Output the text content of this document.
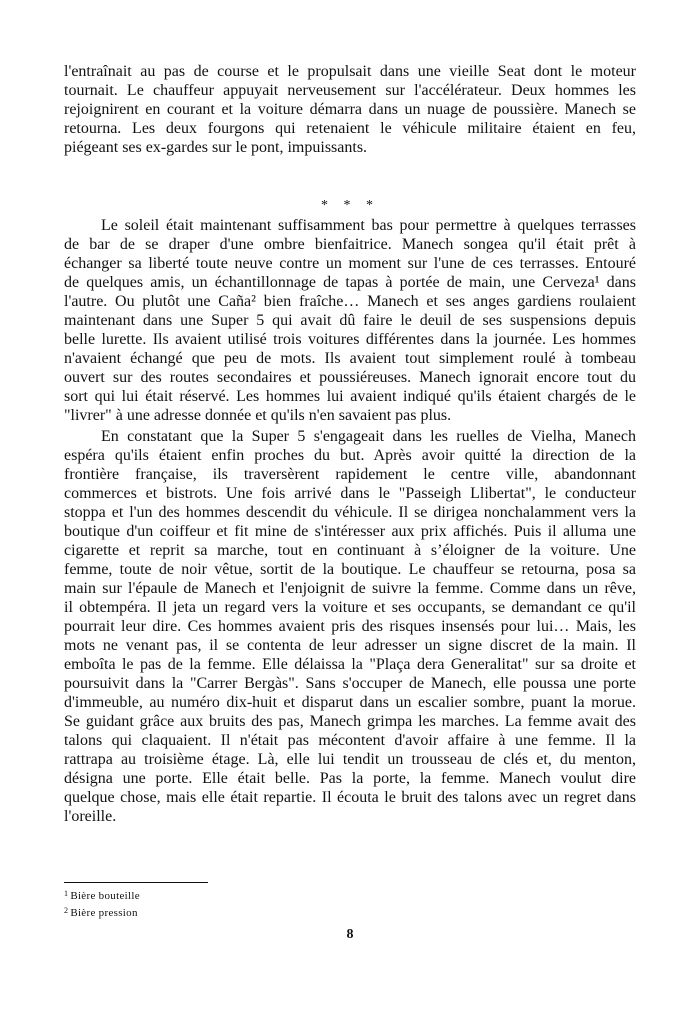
l'entraînait au pas de course et le propulsait dans une vieille Seat dont le moteur
tournait. Le chauffeur appuyait nerveusement sur l'accélérateur. Deux hommes les
rejoignirent en courant et la voiture démarra dans un nuage de poussière. Manech se
retourna. Les deux fourgons qui retenaient le véhicule militaire étaient en feu,
piégeant ses ex-gardes sur le pont, impuissants.
* * *
Le soleil était maintenant suffisamment bas pour permettre à quelques terrasses
de bar de se draper d'une ombre bienfaitrice. Manech songea qu'il était prêt à
échanger sa liberté toute neuve contre un moment sur l'une de ces terrasses. Entouré
de quelques amis, un échantillonnage de tapas à portée de main, une Cerveza¹ dans
l'autre. Ou plutôt une Caña² bien fraîche… Manech et ses anges gardiens roulaient
maintenant dans une Super 5 qui avait dû faire le deuil de ses suspensions depuis
belle lurette. Ils avaient utilisé trois voitures différentes dans la journée. Les hommes
n'avaient échangé que peu de mots. Ils avaient tout simplement roulé à tombeau
ouvert sur des routes secondaires et poussiéreuses. Manech ignorait encore tout du
sort qui lui était réservé. Les hommes lui avaient indiqué qu'ils étaient chargés de le
"livrer" à une adresse donnée et qu'ils n'en savaient pas plus.
En constatant que la Super 5 s'engageait dans les ruelles de Vielha, Manech
espéra qu'ils étaient enfin proches du but. Après avoir quitté la direction de la
frontière française, ils traversèrent rapidement le centre ville, abandonnant
commerces et bistrots. Une fois arrivé dans le "Passeigh Llibertat", le conducteur
stoppa et l'un des hommes descendit du véhicule. Il se dirigea nonchalamment vers la
boutique d'un coiffeur et fit mine de s'intéresser aux prix affichés. Puis il alluma une
cigarette et reprit sa marche, tout en continuant à s’éloigner de la voiture. Une
femme, toute de noir vêtue, sortit de la boutique. Le chauffeur se retourna, posa sa
main sur l'épaule de Manech et l'enjoignit de suivre la femme. Comme dans un rêve,
il obtempéra. Il jeta un regard vers la voiture et ses occupants, se demandant ce qu'il
pourrait leur dire. Ces hommes avaient pris des risques insensés pour lui… Mais, les
mots ne venant pas, il se contenta de leur adresser un signe discret de la main. Il
emboîta le pas de la femme. Elle délaissa la "Plaça dera Generalitat" sur sa droite et
poursuivit dans la "Carrer Bergàs". Sans s'occuper de Manech, elle poussa une porte
d'immeuble, au numéro dix-huit et disparut dans un escalier sombre, puant la morue.
Se guidant grâce aux bruits des pas, Manech grimpa les marches. La femme avait des
talons qui claquaient. Il n'était pas mécontent d'avoir affaire à une femme. Il la
rattrapa au troisième étage. Là, elle lui tendit un trousseau de clés et, du menton,
désigna une porte. Elle était belle. Pas la porte, la femme. Manech voulut dire
quelque chose, mais elle était repartie. Il écouta le bruit des talons avec un regret dans
l'oreille.
$^1$ Bière bouteille
$^2$ Bière pression
8
